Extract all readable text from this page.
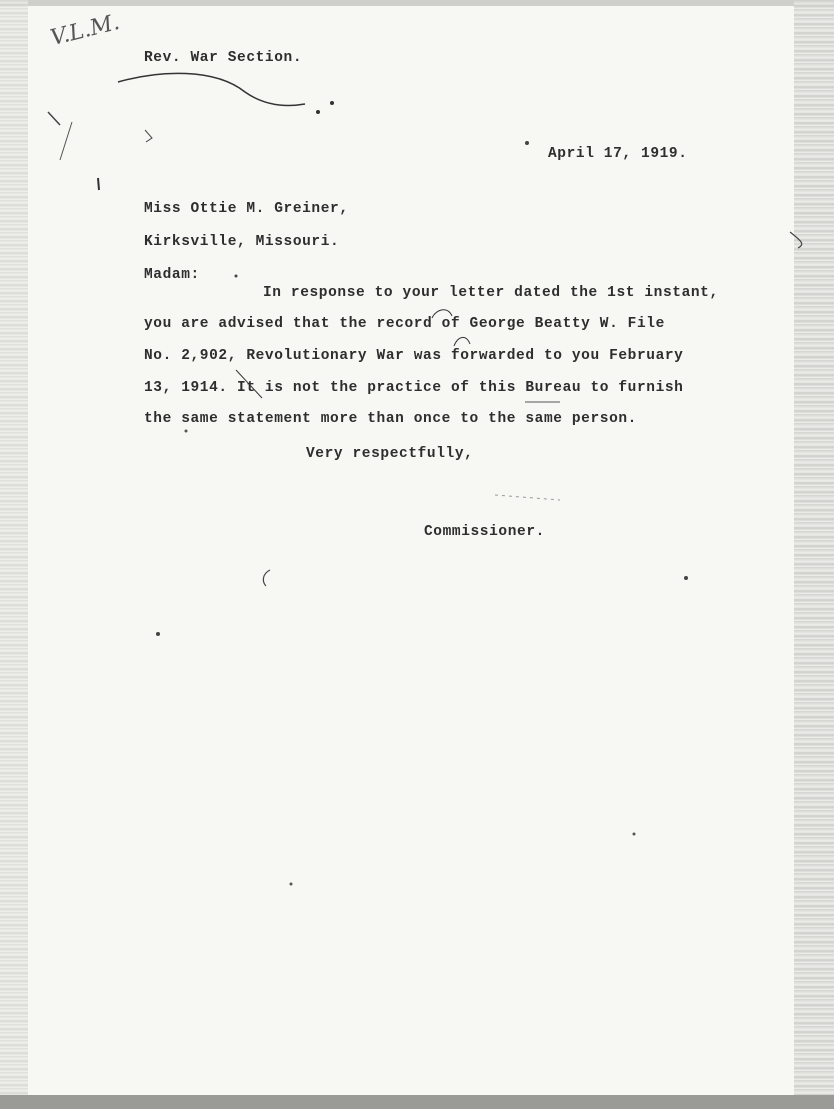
V.L.M.
Rev. War Section.
April 17, 1919.
Miss Ottie M. Greiner,
Kirksville, Missouri.
Madam:
In response to your letter dated the 1st instant,
you are advised that the record of George Beatty W. File
No. 2,902, Revolutionary War was forwarded to you February
13, 1914. It is not the practice of this Bureau to furnish
the same statement more than once to the same person.
Very respectfully,
Commissioner.
